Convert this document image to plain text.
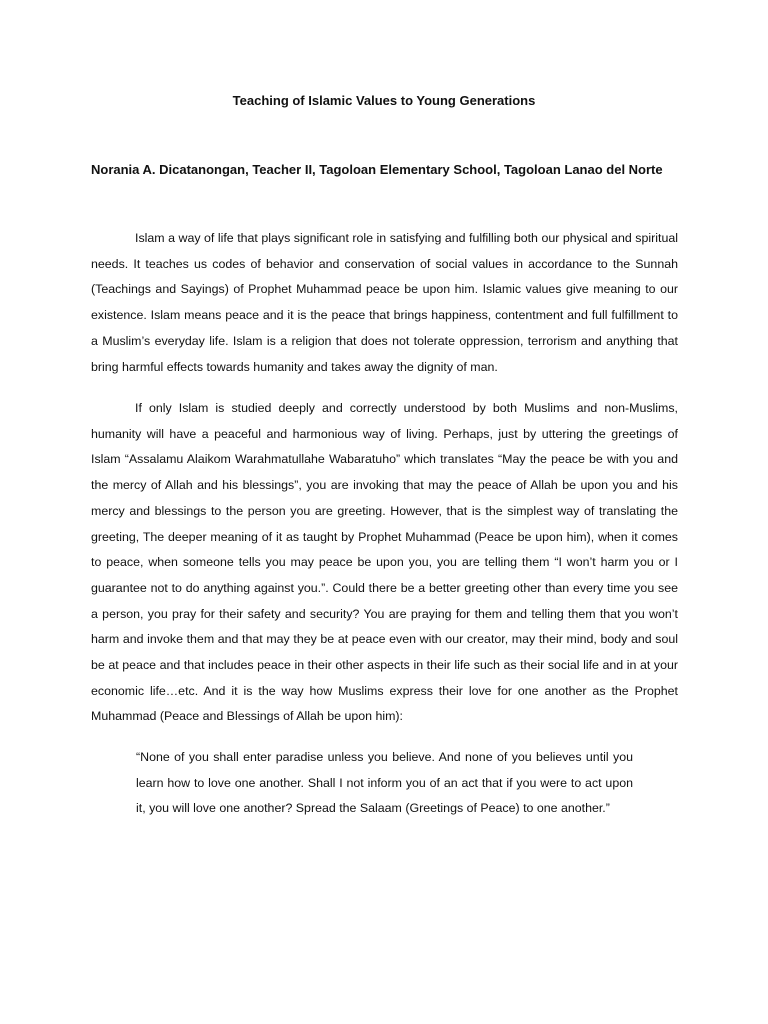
Teaching of Islamic Values to Young Generations
Norania A. Dicatanongan, Teacher II, Tagoloan Elementary School, Tagoloan Lanao del Norte

Islam a way of life that plays significant role in satisfying and fulfilling both our physical and spiritual needs. It teaches us codes of behavior and conservation of social values in accordance to the Sunnah (Teachings and Sayings) of Prophet Muhammad peace be upon him. Islamic values give meaning to our existence. Islam means peace and it is the peace that brings happiness, contentment and full fulfillment to a Muslim’s everyday life. Islam is a religion that does not tolerate oppression, terrorism and anything that bring harmful effects towards humanity and takes away the dignity of man.

If only Islam is studied deeply and correctly understood by both Muslims and non-Muslims, humanity will have a peaceful and harmonious way of living. Perhaps, just by uttering the greetings of Islam “Assalamu Alaikom Warahmatullahe Wabaratuho” which translates “May the peace be with you and the mercy of Allah and his blessings”, you are invoking that may the peace of Allah be upon you and his mercy and blessings to the person you are greeting. However, that is the simplest way of translating the greeting, The deeper meaning of it as taught by Prophet Muhammad (Peace be upon him), when it comes to peace, when someone tells you may peace be upon you, you are telling them “I won’t harm you or I guarantee not to do anything against you.”. Could there be a better greeting other than every time you see a person, you pray for their safety and security? You are praying for them and telling them that you won’t harm and invoke them and that may they be at peace even with our creator, may their mind, body and soul be at peace and that includes peace in their other aspects in their life such as their social life and in at your economic life…etc. And it is the way how Muslims express their love for one another as the Prophet Muhammad (Peace and Blessings of Allah be upon him):

“None of you shall enter paradise unless you believe. And none of you believes until you learn how to love one another. Shall I not inform you of an act that if you were to act upon it, you will love one another? Spread the Salaam (Greetings of Peace) to one another.”
